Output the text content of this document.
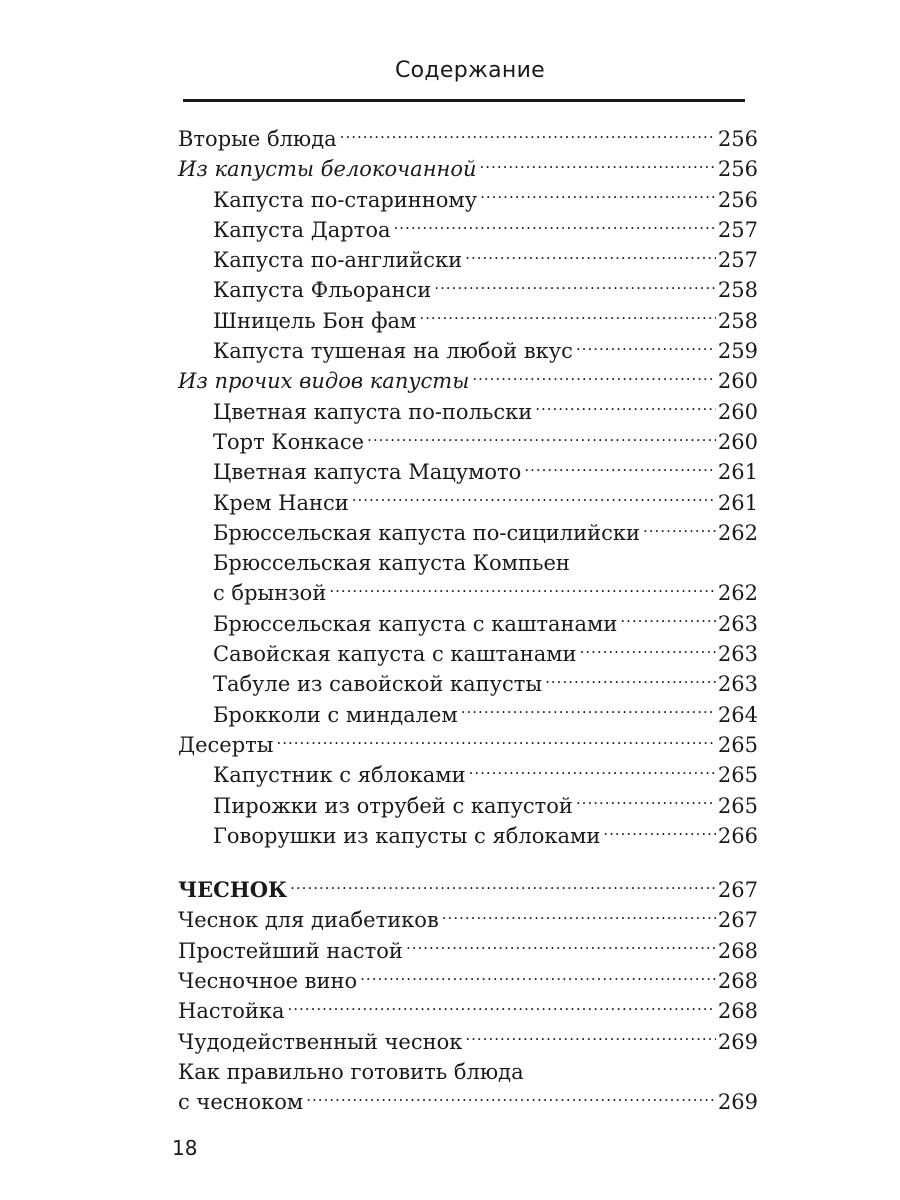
Содержание
Вторые блюда .....	256
Из капусты белокочанной .....	256
Капуста по-старинному .....	256
Капуста Дартоа .....	257
Капуста по-английски .....	257
Капуста Фльоранси .....	258
Шницель Бон фам .....	258
Капуста тушеная на любой вкус .....	259
Из прочих видов капусты .....	260
Цветная капуста по-польски .....	260
Торт Конкасе .....	260
Цветная капуста Мацумото .....	261
Крем Нанси .....	261
Брюссельская капуста по-сицилийски .....	262
Брюссельская капуста Компьен
с брынзой .....	262
Брюссельская капуста с каштанами .....	263
Савойская капуста с каштанами .....	263
Табуле из савойской капусты .....	263
Брокколи с миндалем .....	264
Десерты .....	265
Капустник с яблоками .....	265
Пирожки из отрубей с капустой .....	265
Говорушки из капусты с яблоками .....	266
ЧЕСНОК .....	267
Чеснок для диабетиков .....	267
Простейший настой .....	268
Чесночное вино .....	268
Настойка .....	268
Чудодейственный чеснок .....	269
Как правильно готовить блюда
с чесноком .....	269
18
